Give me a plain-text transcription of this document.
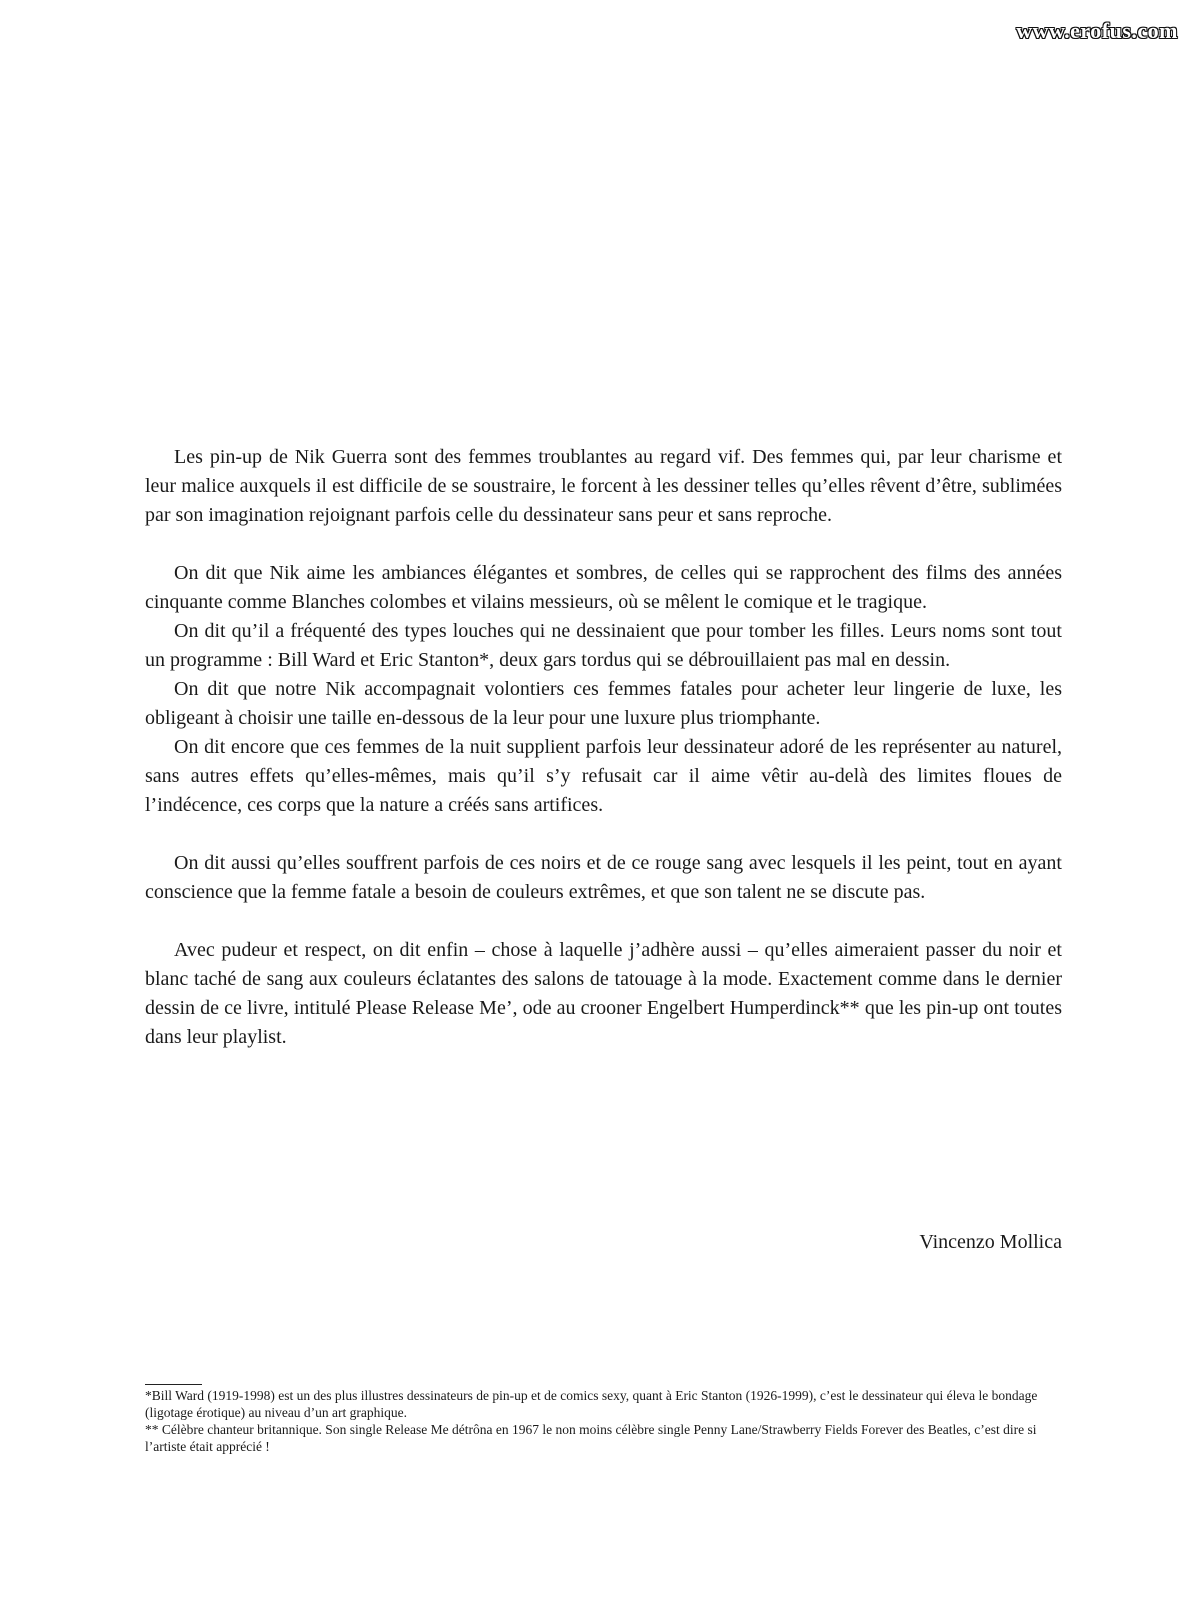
www.erofus.com

Les pin-up de Nik Guerra sont des femmes troublantes au regard vif. Des femmes qui, par leur charisme et leur malice auxquels il est difficile de se soustraire, le forcent à les dessiner telles qu’elles rêvent d’être, sublimées par son imagination rejoignant parfois celle du dessinateur sans peur et sans reproche.

On dit que Nik aime les ambiances élégantes et sombres, de celles qui se rapprochent des films des années cinquante comme Blanches colombes et vilains messieurs, où se mêlent le comique et le tragique.

On dit qu’il a fréquenté des types louches qui ne dessinaient que pour tomber les filles. Leurs noms sont tout un programme : Bill Ward et Eric Stanton*, deux gars tordus qui se débrouillaient pas mal en dessin.

On dit que notre Nik accompagnait volontiers ces femmes fatales pour acheter leur lingerie de luxe, les obligeant à choisir une taille en-dessous de la leur pour une luxure plus triomphante.

On dit encore que ces femmes de la nuit supplient parfois leur dessinateur adoré de les représenter au naturel, sans autres effets qu’elles-mêmes, mais qu’il s’y refusait car il aime vêtir au-delà des limites floues de l’indécence, ces corps que la nature a créés sans artifices.

On dit aussi qu’elles souffrent parfois de ces noirs et de ce rouge sang avec lesquels il les peint, tout en ayant conscience que la femme fatale a besoin de couleurs extrêmes, et que son talent ne se discute pas.

Avec pudeur et respect, on dit enfin – chose à laquelle j’adhère aussi – qu’elles aimeraient passer du noir et blanc taché de sang aux couleurs éclatantes des salons de tatouage à la mode. Exactement comme dans le dernier dessin de ce livre, intitulé Please Release Me’, ode au crooner Engelbert Humperdinck** que les pin-up ont toutes dans leur playlist.

Vincenzo Mollica

*Bill Ward (1919-1998) est un des plus illustres dessinateurs de pin-up et de comics sexy, quant à Eric Stanton (1926-1999), c’est le dessinateur qui éleva le bondage (ligotage érotique) au niveau d’un art graphique.

** Célèbre chanteur britannique. Son single Release Me détrôna en 1967 le non moins célèbre single Penny Lane/Strawberry Fields Forever des Beatles, c’est dire si l’artiste était apprécié !
